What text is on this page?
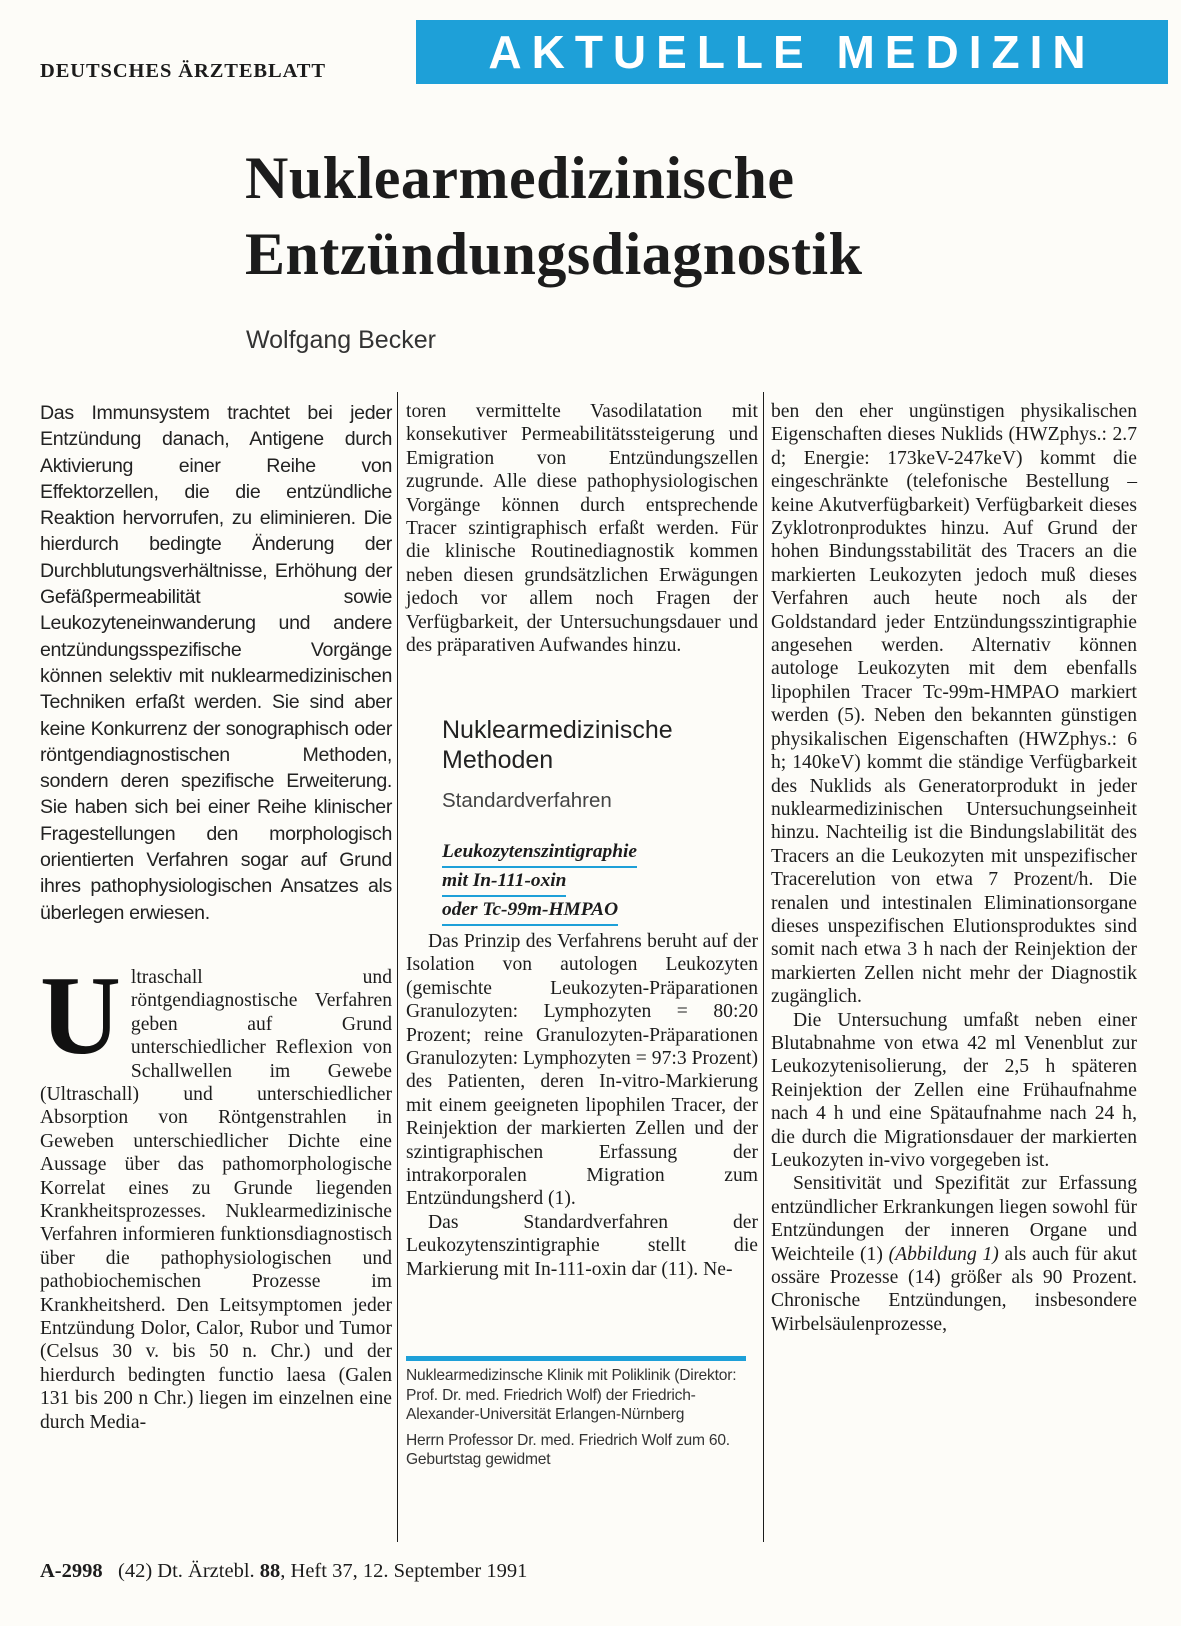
DEUTSCHES ÄRZTEBLATT	AKTUELLE MEDIZIN
Nuklearmedizinische
Entzündungsdiagnostik
Wolfgang Becker

Das Immunsystem trachtet bei jeder Entzündung danach, Antigene durch Aktivierung einer Reihe von Effektorzellen, die die entzündliche Reaktion hervorrufen, zu eliminieren. Die hierdurch bedingte Änderung der Durchblutungsverhältnisse, Erhöhung der Gefäßpermeabilität sowie Leukozyteneinwanderung und andere entzündungsspezifische Vorgänge können selektiv mit nuklearmedizinischen Techniken erfaßt werden. Sie sind aber keine Konkurrenz der sonographisch oder röntgendiagnostischen Methoden, sondern deren spezifische Erweiterung. Sie haben sich bei einer Reihe klinischer Fragestellungen den morphologisch orientierten Verfahren sogar auf Grund ihres pathophysiologischen Ansatzes als überlegen erwiesen.

Ultraschall und röntgendiagnostische Verfahren geben auf Grund unterschiedlicher Reflexion von Schallwellen im Gewebe (Ultraschall) und unterschiedlicher Absorption von Röntgenstrahlen in Geweben unterschiedlicher Dichte eine Aussage über das pathomorphologische Korrelat eines zu Grunde liegenden Krankheitsprozesses. Nuklearmedizinische Verfahren informieren funktionsdiagnostisch über die pathophysiologischen und pathobiochemischen Prozesse im Krankheitsherd. Den Leitsymptomen jeder Entzündung Dolor, Calor, Rubor und Tumor (Celsus 30 v. bis 50 n. Chr.) und der hierdurch bedingten functio laesa (Galen 131 bis 200 n Chr.) liegen im einzelnen eine durch Media-

toren vermittelte Vasodilatation mit konsekutiver Permeabilitätssteigerung und Emigration von Entzündungszellen zugrunde. Alle diese pathophysiologischen Vorgänge können durch entsprechende Tracer szintigraphisch erfaßt werden. Für die klinische Routinediagnostik kommen neben diesen grundsätzlichen Erwägungen jedoch vor allem noch Fragen der Verfügbarkeit, der Untersuchungsdauer und des präparativen Aufwandes hinzu.

Nuklearmedizinische Methoden
Standardverfahren
Leukozytenszintigraphie
mit In-111-oxin
oder Tc-99m-HMPAO

Das Prinzip des Verfahrens beruht auf der Isolation von autologen Leukozyten (gemischte Leukozyten-Präparationen Granulozyten: Lymphozyten = 80:20 Prozent; reine Granulozyten-Präparationen Granulozyten: Lymphozyten = 97:3 Prozent) des Patienten, deren In-vitro-Markierung mit einem geeigneten lipophilen Tracer, der Reinjektion der markierten Zellen und der szintigraphischen Erfassung der intrakorporalen Migration zum Entzündungsherd (1).

Das Standardverfahren der Leukozytenszintigraphie stellt die Markierung mit In-111-oxin dar (11). Ne-

Nuklearmedizinsche Klinik mit Poliklinik (Direktor: Prof. Dr. med. Friedrich Wolf) der Friedrich-Alexander-Universität Erlangen-Nürnberg

Herrn Professor Dr. med. Friedrich Wolf zum 60. Geburtstag gewidmet

ben den eher ungünstigen physikalischen Eigenschaften dieses Nuklids (HWZphys.: 2.7 d; Energie: 173keV-247keV) kommt die eingeschränkte (telefonische Bestellung – keine Akutverfügbarkeit) Verfügbarkeit dieses Zyklotronproduktes hinzu. Auf Grund der hohen Bindungsstabilität des Tracers an die markierten Leukozyten jedoch muß dieses Verfahren auch heute noch als der Goldstandard jeder Entzündungsszintigraphie angesehen werden. Alternativ können autologe Leukozyten mit dem ebenfalls lipophilen Tracer Tc-99m-HMPAO markiert werden (5). Neben den bekannten günstigen physikalischen Eigenschaften (HWZphys.: 6 h; 140keV) kommt die ständige Verfügbarkeit des Nuklids als Generatorprodukt in jeder nuklearmedizinischen Untersuchungseinheit hinzu. Nachteilig ist die Bindungslabilität des Tracers an die Leukozyten mit unspezifischer Tracerelution von etwa 7 Prozent/h. Die renalen und intestinalen Eliminationsorgane dieses unspezifischen Elutionsproduktes sind somit nach etwa 3 h nach der Reinjektion der markierten Zellen nicht mehr der Diagnostik zugänglich.

Die Untersuchung umfaßt neben einer Blutabnahme von etwa 42 ml Venenblut zur Leukozytenisolierung, der 2,5 h späteren Reinjektion der Zellen eine Frühaufnahme nach 4 h und eine Spätaufnahme nach 24 h, die durch die Migrationsdauer der markierten Leukozyten in-vivo vorgegeben ist.

Sensitivität und Spezifität zur Erfassung entzündlicher Erkrankungen liegen sowohl für Entzündungen der inneren Organe und Weichteile (1) (Abbildung 1) als auch für akut ossäre Prozesse (14) größer als 90 Prozent. Chronische Entzündungen, insbesondere Wirbelsäulenprozesse,

A-2998 (42) Dt. Ärztebl. 88, Heft 37, 12. September 1991
